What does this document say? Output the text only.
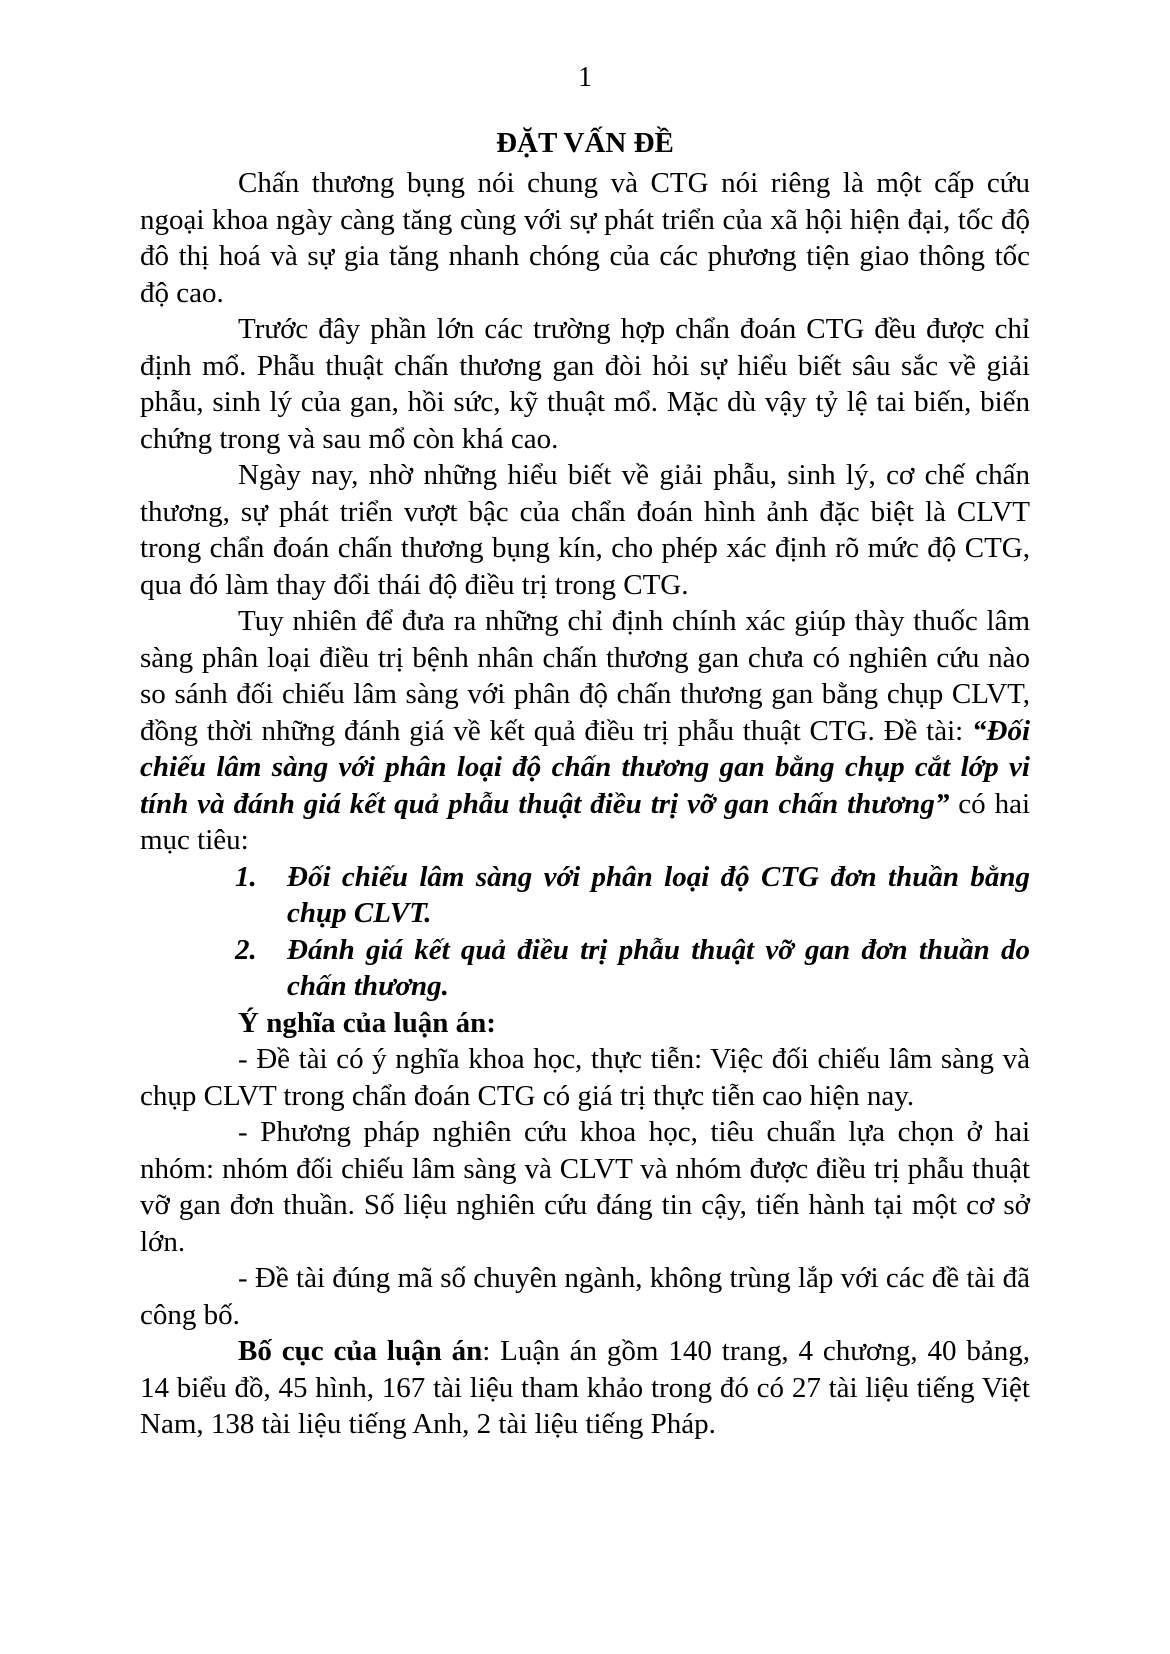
1
ĐẶT VẤN ĐỀ

Chấn thương bụng nói chung và CTG nói riêng là một cấp cứu ngoại khoa ngày càng tăng cùng với sự phát triển của xã hội hiện đại, tốc độ đô thị hoá và sự gia tăng nhanh chóng của các phương tiện giao thông tốc độ cao.

Trước đây phần lớn các trường hợp chẩn đoán CTG đều được chỉ định mổ. Phẫu thuật chấn thương gan đòi hỏi sự hiểu biết sâu sắc về giải phẫu, sinh lý của gan, hồi sức, kỹ thuật mổ. Mặc dù vậy tỷ lệ tai biến, biến chứng trong và sau mổ còn khá cao.

Ngày nay, nhờ những hiểu biết về giải phẫu, sinh lý, cơ chế chấn thương, sự phát triển vượt bậc của chẩn đoán hình ảnh đặc biệt là CLVT trong chẩn đoán chấn thương bụng kín, cho phép xác định rõ mức độ CTG, qua đó làm thay đổi thái độ điều trị trong CTG.

Tuy nhiên để đưa ra những chỉ định chính xác giúp thày thuốc lâm sàng phân loại điều trị bệnh nhân chấn thương gan chưa có nghiên cứu nào so sánh đối chiếu lâm sàng với phân độ chấn thương gan bằng chụp CLVT, đồng thời những đánh giá về kết quả điều trị phẫu thuật CTG. Đề tài: “Đối chiếu lâm sàng với phân loại độ chấn thương gan bằng chụp cắt lớp vi tính và đánh giá kết quả phẫu thuật điều trị vỡ gan chấn thương” có hai mục tiêu:

1.	Đối chiếu lâm sàng với phân loại độ CTG đơn thuần bằng chụp CLVT.
2.	Đánh giá kết quả điều trị phẫu thuật vỡ gan đơn thuần do chấn thương.
Ý nghĩa của luận án:

- Đề tài có ý nghĩa khoa học, thực tiễn: Việc đối chiếu lâm sàng và chụp CLVT trong chẩn đoán CTG có giá trị thực tiễn cao hiện nay.

- Phương pháp nghiên cứu khoa học, tiêu chuẩn lựa chọn ở hai nhóm: nhóm đối chiếu lâm sàng và CLVT và nhóm được điều trị phẫu thuật vỡ gan đơn thuần. Số liệu nghiên cứu đáng tin cậy, tiến hành tại một cơ sở lớn.

- Đề tài đúng mã số chuyên ngành, không trùng lắp với các đề tài đã công bố.

Bố cục của luận án: Luận án gồm 140 trang, 4 chương, 40 bảng, 14 biểu đồ, 45 hình, 167 tài liệu tham khảo trong đó có 27 tài liệu tiếng Việt Nam, 138 tài liệu tiếng Anh, 2 tài liệu tiếng Pháp.
